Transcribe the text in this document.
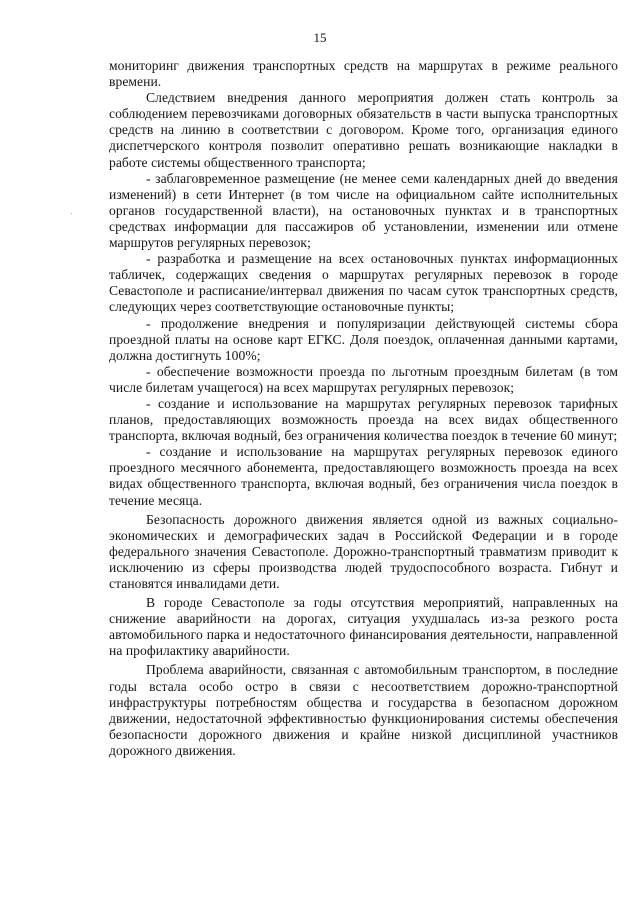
15
·

мониторинг движения транспортных средств на маршрутах в режиме реального времени.

Следствием внедрения данного мероприятия должен стать контроль за соблюдением перевозчиками договорных обязательств в части выпуска транспортных средств на линию в соответствии с договором. Кроме того, организация единого диспетчерского контроля позволит оперативно решать возникающие накладки в работе системы общественного транспорта;

- заблаговременное размещение (не менее семи календарных дней до введения изменений) в сети Интернет (в том числе на официальном сайте исполнительных органов государственной власти), на остановочных пунктах и в транспортных средствах информации для пассажиров об установлении, изменении или отмене маршрутов регулярных перевозок;

- разработка и размещение на всех остановочных пунктах информационных табличек, содержащих сведения о маршрутах регулярных перевозок в городе Севастополе и расписание/интервал движения по часам суток транспортных средств, следующих через соответствующие остановочные пункты;

- продолжение внедрения и популяризации действующей системы сбора проездной платы на основе карт ЕГКС. Доля поездок, оплаченная данными картами, должна достигнуть 100%;

- обеспечение возможности проезда по льготным проездным билетам (в том числе билетам учащегося) на всех маршрутах регулярных перевозок;

- создание и использование на маршрутах регулярных перевозок тарифных планов, предоставляющих возможность проезда на всех видах общественного транспорта, включая водный, без ограничения количества поездок в течение 60 минут;

- создание и использование на маршрутах регулярных перевозок единого проездного месячного абонемента, предоставляющего возможность проезда на всех видах общественного транспорта, включая водный, без ограничения числа поездок в течение месяца.

Безопасность дорожного движения является одной из важных социально-экономических и демографических задач в Российской Федерации и в городе федерального значения Севастополе. Дорожно-транспортный травматизм приводит к исключению из сферы производства людей трудоспособного возраста. Гибнут и становятся инвалидами дети.

В городе Севастополе за годы отсутствия мероприятий, направленных на снижение аварийности на дорогах, ситуация ухудшалась из-за резкого роста автомобильного парка и недостаточного финансирования деятельности, направленной на профилактику аварийности.

Проблема аварийности, связанная с автомобильным транспортом, в последние годы встала особо остро в связи с несоответствием дорожно-транспортной инфраструктуры потребностям общества и государства в безопасном дорожном движении, недостаточной эффективностью функционирования системы обеспечения безопасности дорожного движения и крайне низкой дисциплиной участников дорожного движения.
